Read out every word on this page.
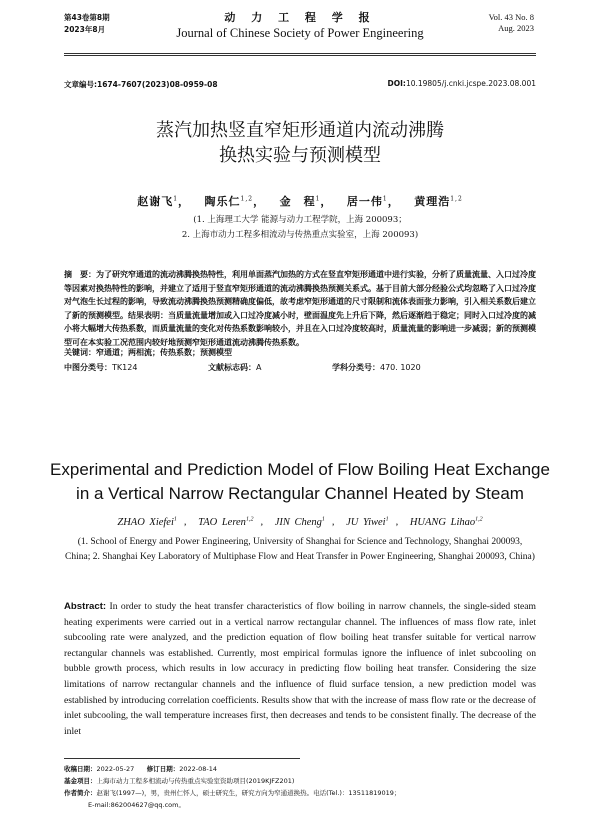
第43卷第8期
2023年8月
动 力 工 程 学 报
Journal of Chinese Society of Power Engineering
Vol. 43 No. 8
Aug. 2023
文章编号:1674-7607(2023)08-0959-08	DOI:10.19805/j.cnki.jcspe.2023.08.001
蒸汽加热竖直窄矩形通道内流动沸腾
换热实验与预测模型
赵谢飞$^1$，   陶乐仁$^{1,2}$，   金　程$^1$，   居一伟$^1$，   黄理浩$^{1,2}$
(1. 上海理工大学 能源与动力工程学院，上海 200093；
2. 上海市动力工程多相流动与传热重点实验室，上海 200093)
摘　要：为了研究窄通道的流动沸腾换热特性，利用单面蒸汽加热的方式在竖直窄矩形通道中进行实验，分析了质量流量、入口过冷度等因素对换热特性的影响，并建立了适用于竖直窄矩形通道的流动沸腾换热预测关系式。基于目前大部分经验公式均忽略了入口过冷度对气泡生长过程的影响，导致流动沸腾换热预测精确度偏低，故考虑窄矩形通道的尺寸限制和流体表面张力影响，引入相关系数后建立了新的预测模型。结果表明：当质量流量增加或入口过冷度减小时，壁面温度先上升后下降，然后逐渐趋于稳定；同时入口过冷度的减小将大幅增大传热系数，而质量流量的变化对传热系数影响较小，并且在入口过冷度较高时，质量流量的影响进一步减弱；新的预测模型可在本实验工况范围内较好地预测窄矩形通道流动沸腾传热系数。
关键词：窄通道；两相流；传热系数；预测模型
中图分类号：TK124	文献标志码：A	学科分类号：470. 1020
Experimental and Prediction Model of Flow Boiling Heat Exchange
in a Vertical Narrow Rectangular Channel Heated by Steam
ZHAO Xiefei$^1$ , TAO Leren$^{1,2}$ , JIN Cheng$^1$ , JU Yiwei$^1$ , HUANG Lihao$^{1,2}$
(1. School of Energy and Power Engineering, University of Shanghai for Science and Technology, Shanghai 200093, China; 2. Shanghai Key Laboratory of Multiphase Flow and Heat Transfer in Power Engineering, Shanghai 200093, China)
Abstract: In order to study the heat transfer characteristics of flow boiling in narrow channels, the single-sided steam heating experiments were carried out in a vertical narrow rectangular channel. The influences of mass flow rate, inlet subcooling rate were analyzed, and the prediction equation of flow boiling heat transfer suitable for vertical narrow rectangular channels was established. Currently, most empirical formulas ignore the influence of inlet subcooling on bubble growth process, which results in low accuracy in predicting flow boiling heat transfer. Considering the size limitations of narrow rectangular channels and the influence of fluid surface tension, a new prediction model was established by introducing correlation coefficients. Results show that with the increase of mass flow rate or the decrease of inlet subcooling, the wall temperature increases first, then decreases and tends to be consistent finally. The decrease of the inlet
收稿日期：2022-05-27 修订日期：2022-08-14
基金项目：上海市动力工程多相流动与传热重点实验室资助项目(2019KJFZ201)
作者简介：赵谢飞(1997—)，男，贵州仁怀人，硕士研究生，研究方向为窄通道换热。电话(Tel.)：13511819019；
E-mail:862004627@qq.com。
